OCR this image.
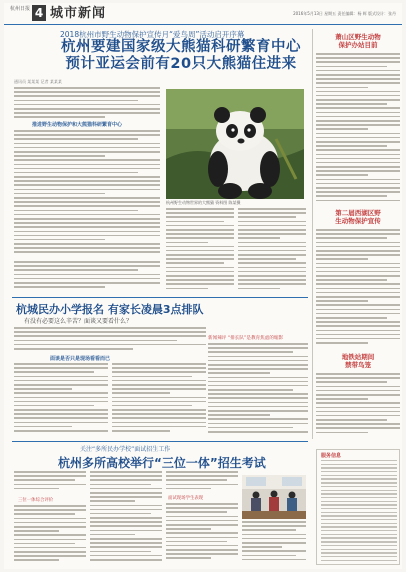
杭州日报 4 城市新闻	2016年5月13日 星期五 责任编辑：杨 辉 版式设计：张丹
2018杭州市野生动物保护宣传月“爱鸟周”活动启开序幕
杭州要建国家级大熊猫科研繁育中心
预计亚运会前有20只大熊猫住进来
通讯员 某某某 记者 某某某
推进野生动物保护和大熊猫科研繁育中心
杭州野生动物世界的大熊猫 资料图 陈某摄
萧山区野生动物
保护办站目前
第二届西湖区野
生动物保护宣传
地铁站期间
禁带鸟笼
杭城民办小学报名 有家长凌晨3点排队
有没有必要这么辛苦？面谈又要看什么？
面谈是否只是现场看看而已
新闻辣评 “排长队”是教育焦虑的缩影
关注“多所民办学校”面试招生工作
杭州多所高校举行“三位一体”招生考试
三位一体综合评价	面试现场学生表现
服务信息
